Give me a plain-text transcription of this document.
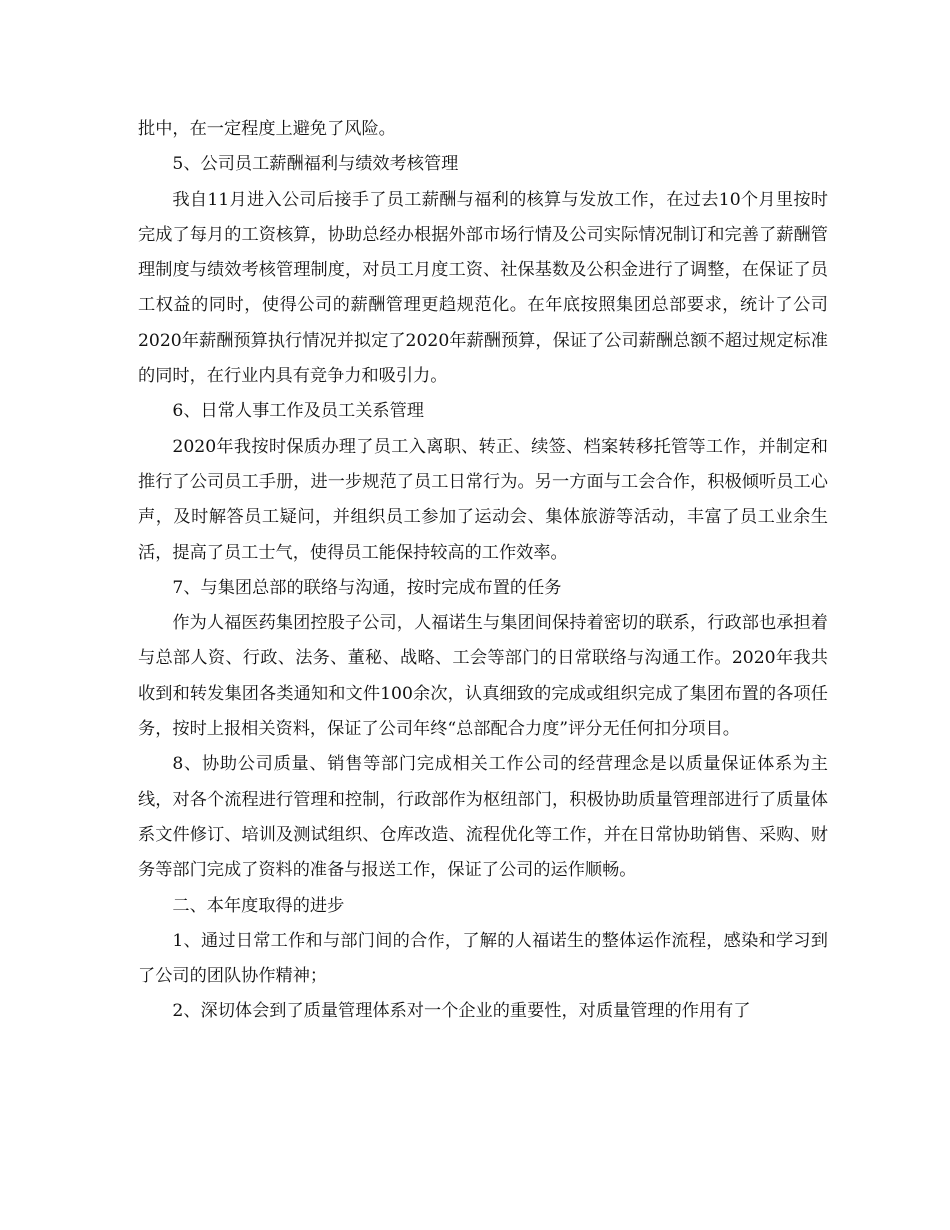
批中，在一定程度上避免了风险。

5、公司员工薪酬福利与绩效考核管理

我自11月进入公司后接手了员工薪酬与福利的核算与发放工作，在过去10个月里按时完成了每月的工资核算，协助总经办根据外部市场行情及公司实际情况制订和完善了薪酬管理制度与绩效考核管理制度，对员工月度工资、社保基数及公积金进行了调整，在保证了员工权益的同时，使得公司的薪酬管理更趋规范化。在年底按照集团总部要求，统计了公司2020年薪酬预算执行情况并拟定了2020年薪酬预算，保证了公司薪酬总额不超过规定标准的同时，在行业内具有竞争力和吸引力。

6、日常人事工作及员工关系管理

2020年我按时保质办理了员工入离职、转正、续签、档案转移托管等工作，并制定和推行了公司员工手册，进一步规范了员工日常行为。另一方面与工会合作，积极倾听员工心声，及时解答员工疑问，并组织员工参加了运动会、集体旅游等活动，丰富了员工业余生活，提高了员工士气，使得员工能保持较高的工作效率。

7、与集团总部的联络与沟通，按时完成布置的任务

作为人福医药集团控股子公司，人福诺生与集团间保持着密切的联系，行政部也承担着与总部人资、行政、法务、董秘、战略、工会等部门的日常联络与沟通工作。2020年我共收到和转发集团各类通知和文件100余次，认真细致的完成或组织完成了集团布置的各项任务，按时上报相关资料，保证了公司年终“总部配合力度”评分无任何扣分项目。

8、协助公司质量、销售等部门完成相关工作公司的经营理念是以质量保证体系为主线，对各个流程进行管理和控制，行政部作为枢纽部门，积极协助质量管理部进行了质量体系文件修订、培训及测试组织、仓库改造、流程优化等工作，并在日常协助销售、采购、财务等部门完成了资料的准备与报送工作，保证了公司的运作顺畅。

二、本年度取得的进步

1、通过日常工作和与部门间的合作，了解的人福诺生的整体运作流程，感染和学习到了公司的团队协作精神；

2、深切体会到了质量管理体系对一个企业的重要性，对质量管理的作用有了
